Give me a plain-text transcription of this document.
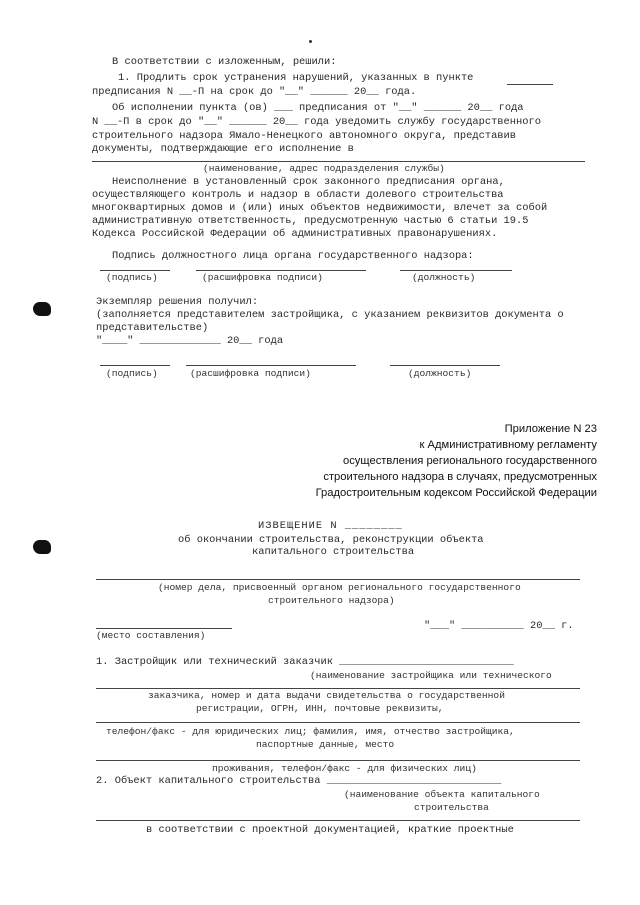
В соответствии с изложенным, решили:
1. Продлить срок устранения нарушений, указанных в пункте
предписания N __-П на срок до "__" ______ 20__ года.
Об исполнении пункта (ов) ___ предписания от "__" ______ 20__ года
N __-П в срок до "__" ______ 20__ года уведомить службу государственного
строительного надзора Ямало-Ненецкого автономного округа, представив
документы, подтверждающие его исполнение в
(наименование, адрес подразделения службы)
Неисполнение в установленный срок законного предписания органа,
осуществляющего контроль и надзор в области долевого строительства
многоквартирных домов и (или) иных объектов недвижимости, влечет за собой
административную ответственность, предусмотренную частью 6 статьи 19.5
Кодекса Российской Федерации об административных правонарушениях.
Подпись должностного лица органа государственного надзора:
(подпись)	(расшифровка подписи)	(должность)
Экземпляр решения получил:
(заполняется представителем застройщика, с указанием реквизитов документа о
представительстве)
"____" _____________ 20__ года
(подпись)	(расшифровка подписи)	(должность)
Приложение N 23
к Административному регламенту
осуществления регионального государственного
строительного надзора в случаях, предусмотренных
Градостроительным кодексом Российской Федерации
ИЗВЕЩЕНИЕ N ________
об окончании строительства, реконструкции объекта
капитального строительства
(номер дела, присвоенный органом регионального государственного
строительного надзора)
"___" __________ 20__ г.
(место составления)
1. Застройщик или технический заказчик ____________________________
(наименование застройщика или технического
заказчика, номер и дата выдачи свидетельства о государственной
регистрации, ОГРН, ИНН, почтовые реквизиты,
телефон/факс - для юридических лиц; фамилия, имя, отчество застройщика,
паспортные данные, место
проживания, телефон/факс - для физических лиц)
2. Объект капитального строительства ____________________________
(наименование объекта капитального
строительства
в соответствии с проектной документацией, краткие проектные
